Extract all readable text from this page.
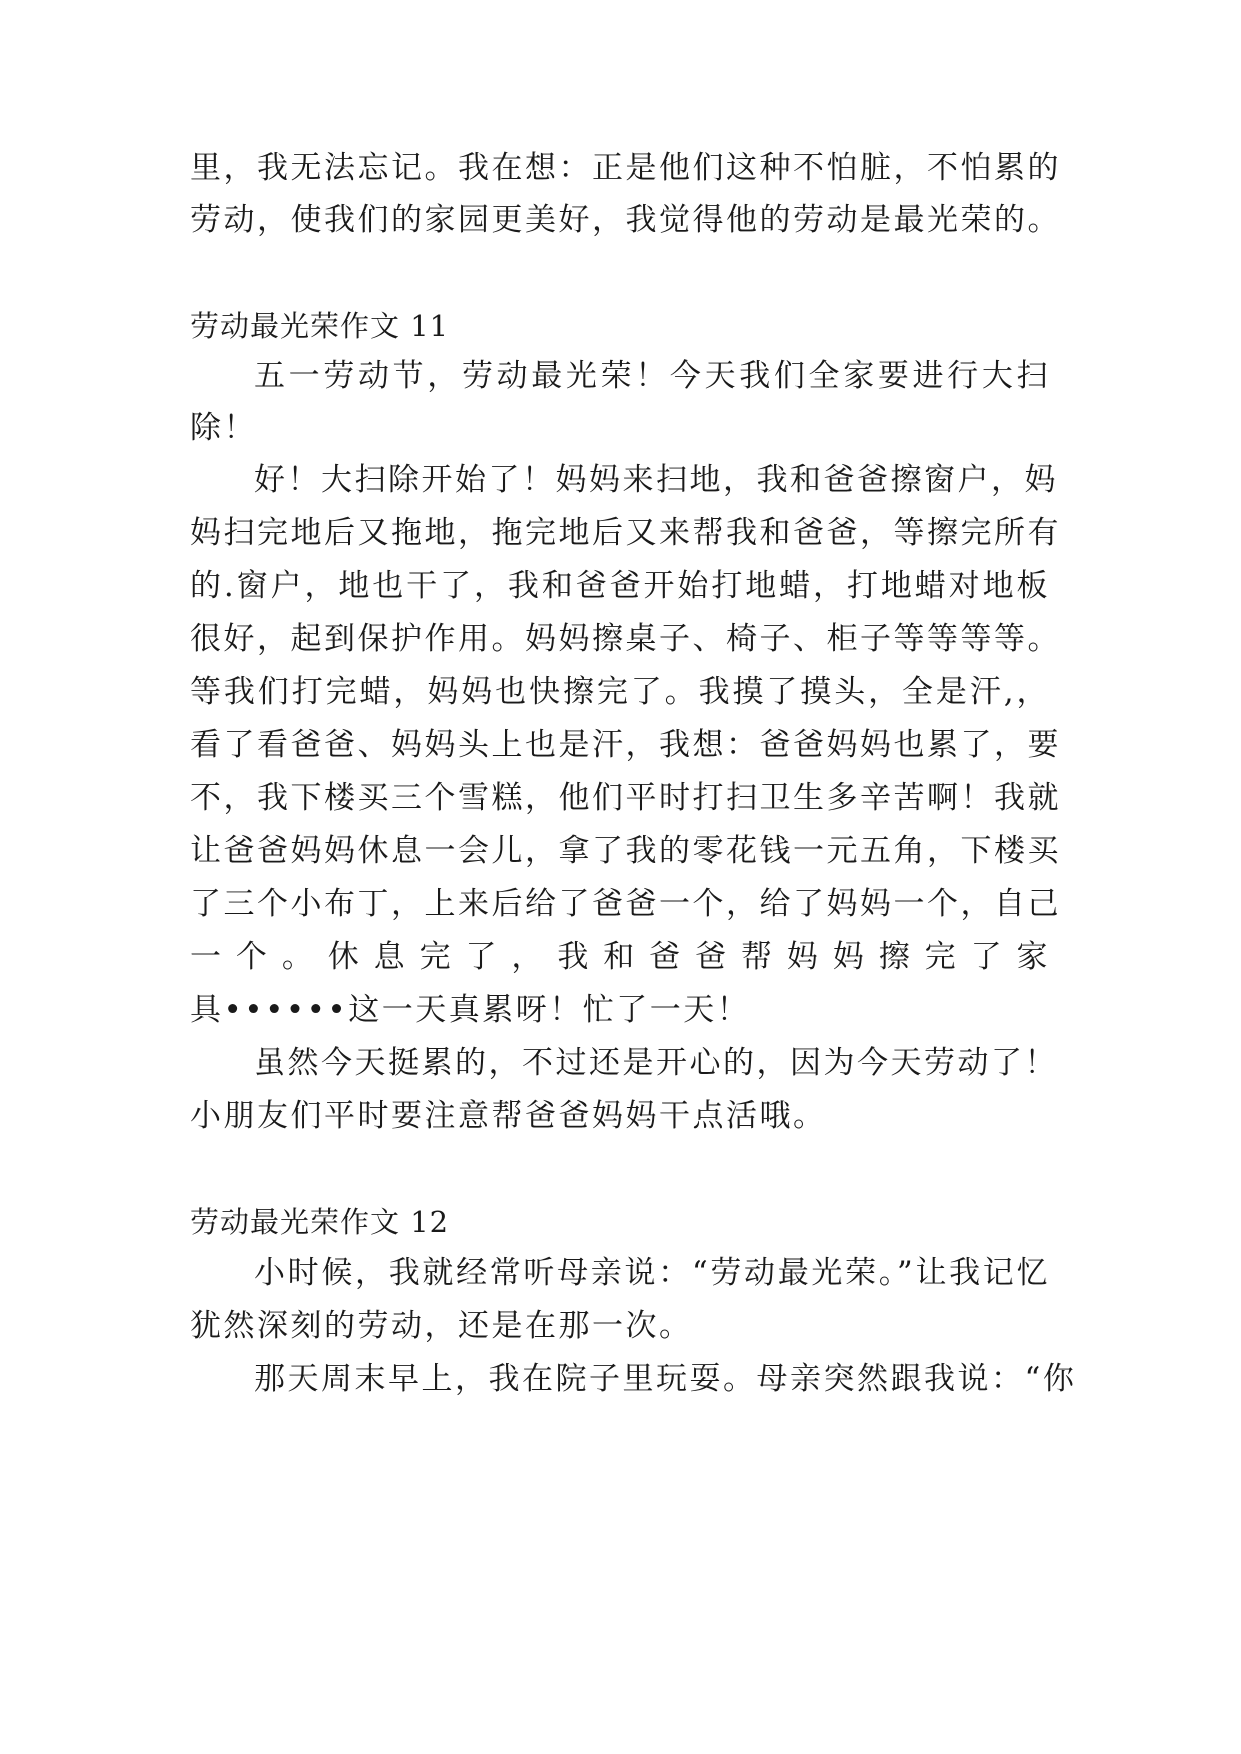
里，我无法忘记。我在想：正是他们这种不怕脏，不怕累的
劳动，使我们的家园更美好，我觉得他的劳动是最光荣的。
劳动最光荣作文 11
五一劳动节，劳动最光荣！今天我们全家要进行大扫
除！
好！大扫除开始了！妈妈来扫地，我和爸爸擦窗户，妈
妈扫完地后又拖地，拖完地后又来帮我和爸爸，等擦完所有
的.窗户，地也干了，我和爸爸开始打地蜡，打地蜡对地板
很好，起到保护作用。妈妈擦桌子、椅子、柜子等等等等。
等我们打完蜡，妈妈也快擦完了。我摸了摸头，全是汗,，
看了看爸爸、妈妈头上也是汗，我想：爸爸妈妈也累了，要
不，我下楼买三个雪糕，他们平时打扫卫生多辛苦啊！我就
让爸爸妈妈休息一会儿，拿了我的零花钱一元五角，下楼买
了三个小布丁，上来后给了爸爸一个，给了妈妈一个，自己
一个。休息完了，我和爸爸帮妈妈擦完了家
具••••••这一天真累呀！忙了一天！
虽然今天挺累的，不过还是开心的，因为今天劳动了！
小朋友们平时要注意帮爸爸妈妈干点活哦。
劳动最光荣作文 12
小时候，我就经常听母亲说：“劳动最光荣。”让我记忆
犹然深刻的劳动，还是在那一次。
那天周末早上，我在院子里玩耍。母亲突然跟我说：“你
